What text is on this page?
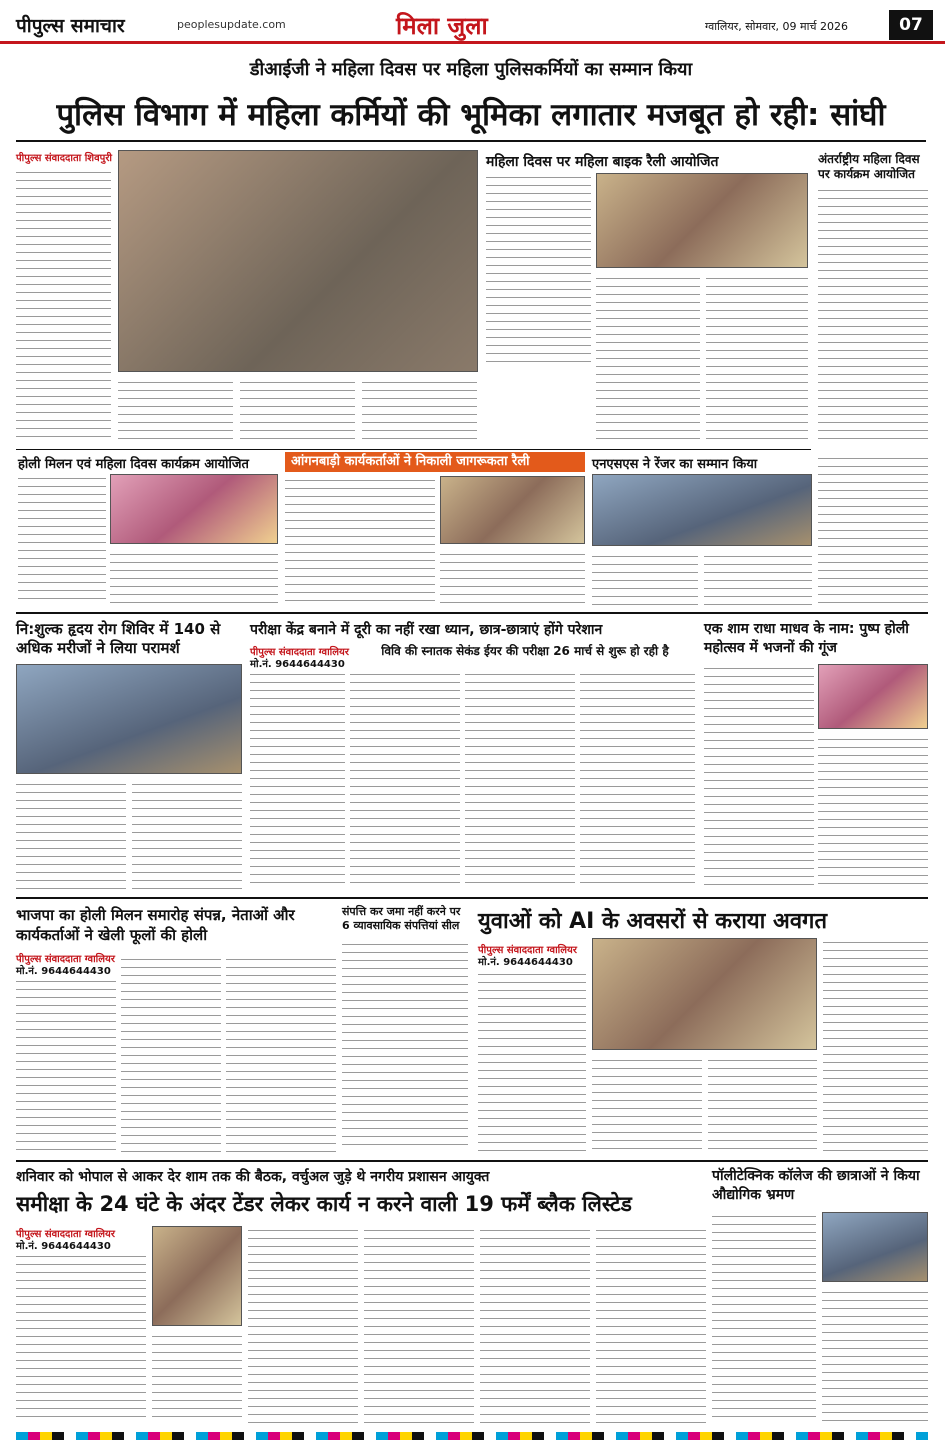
पीपुल्स समाचार	peoplesupdate.com	मिला जुला	ग्वालियर, सोमवार, 09 मार्च 2026	07
डीआईजी ने महिला दिवस पर महिला पुलिसकर्मियों का सम्मान किया
पुलिस विभाग में महिला कर्मियों की भूमिका लगातार मजबूत हो रही: सांघी
पीपुल्स संवाददाता शिवपुरी	महिला दिवस पर महिला बाइक रैली आयोजित	अंतर्राष्ट्रीय महिला दिवस पर कार्यक्रम आयोजित
होली मिलन एवं महिला दिवस कार्यक्रम आयोजित	आंगनबाड़ी कार्यकर्ताओं ने निकाली जागरूकता रैली	एनएसएस ने रेंजर का सम्मान किया
नि:शुल्क हृदय रोग शिविर में 140 से अधिक मरीजों ने लिया परामर्श
परीक्षा केंद्र बनाने में दूरी का नहीं रखा ध्यान, छात्र-छात्राएं होंगे परेशान
पीपुल्स संवाददाता ग्वालियर
मो.नं. 9644644430
विवि की स्नातक सेकंड ईयर की परीक्षा 26 मार्च से शुरू हो रही है
एक शाम राधा माधव के नाम: पुष्प होली महोत्सव में भजनों की गूंज
भाजपा का होली मिलन समारोह संपन्न, नेताओं और कार्यकर्ताओं ने खेली फूलों की होली
पीपुल्स संवाददाता ग्वालियर
मो.नं. 9644644430
संपत्ति कर जमा नहीं करने पर 6 व्यावसायिक संपत्तियां सील युवाओं को AI के अवसरों से कराया अवगत
पीपुल्स संवाददाता ग्वालियर
मो.नं. 9644644430
शनिवार को भोपाल से आकर देर शाम तक की बैठक, वर्चुअल जुड़े थे नगरीय प्रशासन आयुक्त
समीक्षा के 24 घंटे के अंदर टेंडर लेकर कार्य न करने वाली 19 फर्में ब्लैक लिस्टेड
पीपुल्स संवाददाता ग्वालियर
मो.नं. 9644644430
पॉलीटेक्निक कॉलेज की छात्राओं ने किया औद्योगिक भ्रमण
